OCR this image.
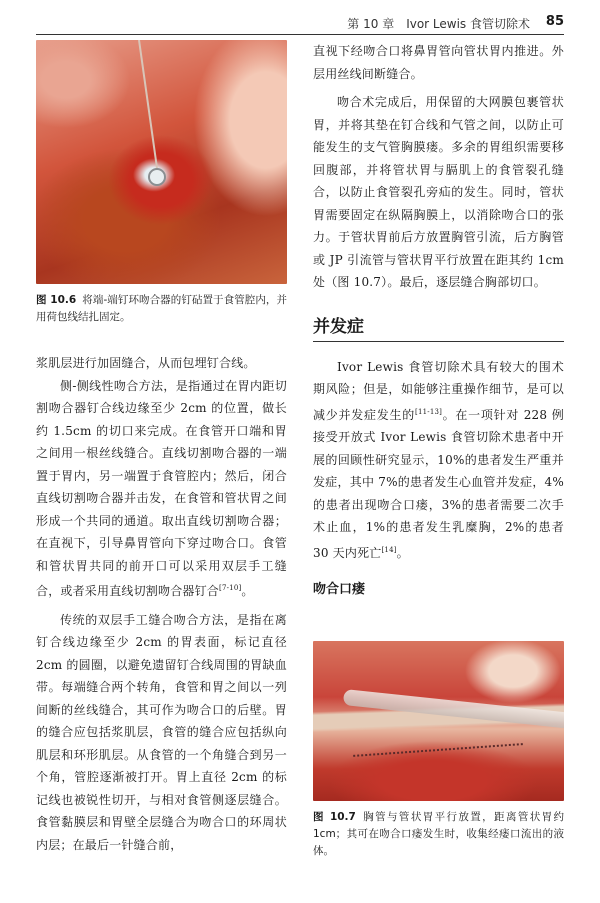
第 10 章　Ivor Lewis 食管切除术 85
图 10.6 将端-端钉环吻合器的钉砧置于食管腔内，并用荷包线结扎固定。

浆肌层进行加固缝合，从而包埋钉合线。

侧-侧线性吻合方法，是指通过在胃内距切割吻合器钉合线边缘至少 2cm 的位置，做长约 1.5cm 的切口来完成。在食管开口端和胃之间用一根丝线缝合。直线切割吻合器的一端置于胃内，另一端置于食管腔内；然后，闭合直线切割吻合器并击发，在食管和管状胃之间形成一个共同的通道。取出直线切割吻合器；在直视下，引导鼻胃管向下穿过吻合口。食管和管状胃共同的前开口可以采用双层手工缝合，或者采用直线切割吻合器钉合[7-10]。

传统的双层手工缝合吻合方法，是指在离钉合线边缘至少 2cm 的胃表面，标记直径 2cm 的圆圈，以避免遗留钉合线周围的胃缺血带。每端缝合两个转角，食管和胃之间以一列间断的丝线缝合，其可作为吻合口的后壁。胃的缝合应包括浆肌层，食管的缝合应包括纵向肌层和环形肌层。从食管的一个角缝合到另一个角，管腔逐渐被打开。胃上直径 2cm 的标记线也被锐性切开，与相对食管侧逐层缝合。食管黏膜层和胃壁全层缝合为吻合口的环周状内层；在最后一针缝合前，

直视下经吻合口将鼻胃管向管状胃内推进。外层用丝线间断缝合。

吻合术完成后，用保留的大网膜包裹管状胃，并将其垫在钉合线和气管之间，以防止可能发生的支气管胸膜瘘。多余的胃组织需要移回腹部，并将管状胃与膈肌上的食管裂孔缝合，以防止食管裂孔旁疝的发生。同时，管状胃需要固定在纵隔胸膜上，以消除吻合口的张力。于管状胃前后方放置胸管引流，后方胸管或 JP 引流管与管状胃平行放置在距其约 1cm 处（图 10.7）。最后，逐层缝合胸部切口。

并发症

Ivor Lewis 食管切除术具有较大的围术期风险；但是，如能够注重操作细节，是可以减少并发症发生的[11-13]。在一项针对 228 例接受开放式 Ivor Lewis 食管切除术患者中开展的回顾性研究显示，10%的患者发生严重并发症，其中 7%的患者发生心血管并发症，4%的患者出现吻合口瘘，3%的患者需要二次手术止血，1%的患者发生乳糜胸，2%的患者 30 天内死亡[14]。

吻合口瘘
图 10.7 胸管与管状胃平行放置，距离管状胃约 1cm；其可在吻合口瘘发生时，收集经瘘口流出的液体。
